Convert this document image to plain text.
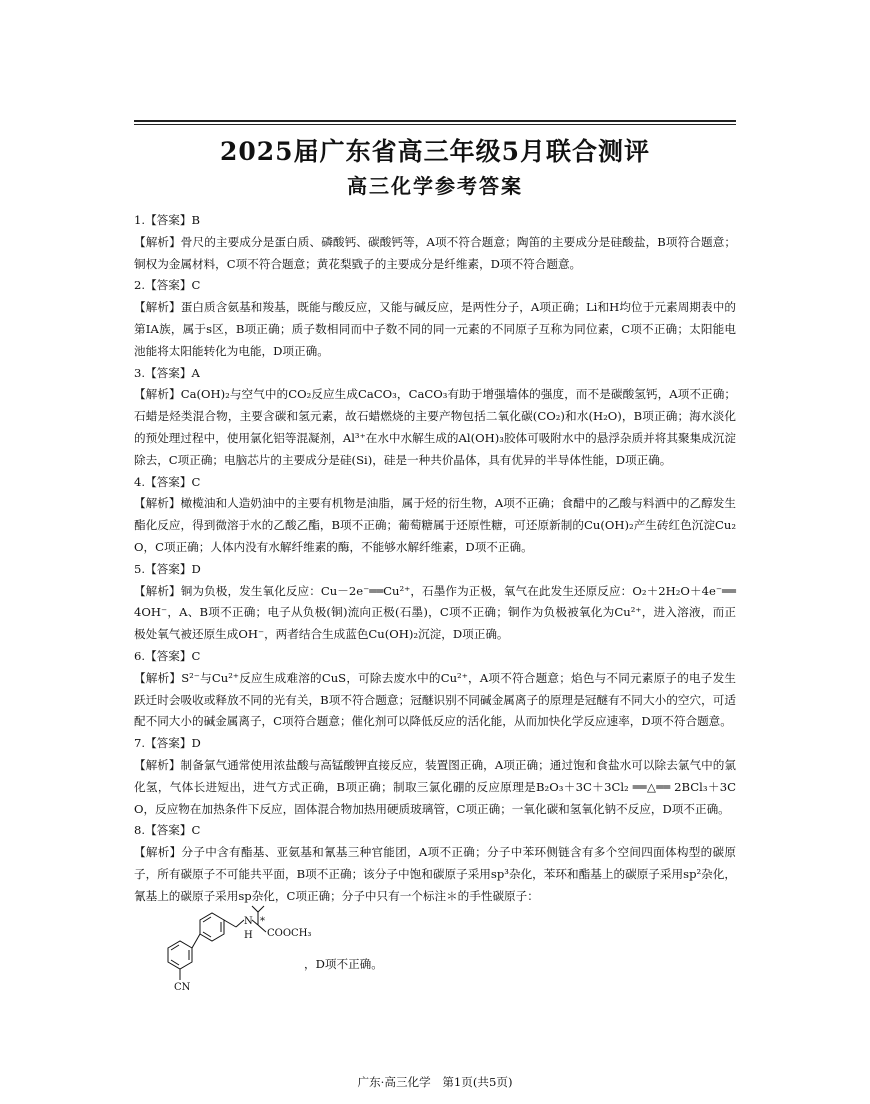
2025届广东省高三年级5月联合测评
高三化学参考答案

1.【答案】B

【解析】骨尺的主要成分是蛋白质、磷酸钙、碳酸钙等，A项不符合题意；陶笛的主要成分是硅酸盐，B项符合题意；铜权为金属材料，C项不符合题意；黄花梨戥子的主要成分是纤维素，D项不符合题意。

2.【答案】C

【解析】蛋白质含氨基和羧基，既能与酸反应，又能与碱反应，是两性分子，A项正确；Li和H均位于元素周期表中的第ⅠA族，属于s区，B项正确；质子数相同而中子数不同的同一元素的不同原子互称为同位素，C项不正确；太阳能电池能将太阳能转化为电能，D项正确。

3.【答案】A

【解析】Ca(OH)₂与空气中的CO₂反应生成CaCO₃，CaCO₃有助于增强墙体的强度，而不是碳酸氢钙，A项不正确；石蜡是烃类混合物，主要含碳和氢元素，故石蜡燃烧的主要产物包括二氧化碳(CO₂)和水(H₂O)，B项正确；海水淡化的预处理过程中，使用氯化铝等混凝剂，Al³⁺在水中水解生成的Al(OH)₃胶体可吸附水中的悬浮杂质并将其聚集成沉淀除去，C项正确；电脑芯片的主要成分是硅(Si)，硅是一种共价晶体，具有优异的半导体性能，D项正确。

4.【答案】C

【解析】橄榄油和人造奶油中的主要有机物是油脂，属于烃的衍生物，A项不正确；食醋中的乙酸与料酒中的乙醇发生酯化反应，得到微溶于水的乙酸乙酯，B项不正确；葡萄糖属于还原性糖，可还原新制的Cu(OH)₂产生砖红色沉淀Cu₂O，C项正确；人体内没有水解纤维素的酶，不能够水解纤维素，D项不正确。

5.【答案】D

【解析】铜为负极，发生氧化反应：Cu－2e⁻══Cu²⁺，石墨作为正极，氧气在此发生还原反应：O₂＋2H₂O＋4e⁻══4OH⁻，A、B项不正确；电子从负极(铜)流向正极(石墨)，C项不正确；铜作为负极被氧化为Cu²⁺，进入溶液，而正极处氧气被还原生成OH⁻，两者结合生成蓝色Cu(OH)₂沉淀，D项正确。

6.【答案】C

【解析】S²⁻与Cu²⁺反应生成难溶的CuS，可除去废水中的Cu²⁺，A项不符合题意；焰色与不同元素原子的电子发生跃迁时会吸收或释放不同的光有关，B项不符合题意；冠醚识别不同碱金属离子的原理是冠醚有不同大小的空穴，可适配不同大小的碱金属离子，C项符合题意；催化剂可以降低反应的活化能，从而加快化学反应速率，D项不符合题意。

7.【答案】D

【解析】制备氯气通常使用浓盐酸与高锰酸钾直接反应，装置图正确，A项正确；通过饱和食盐水可以除去氯气中的氯化氢，气体长进短出，进气方式正确，B项正确；制取三氯化硼的反应原理是B₂O₃＋3C＋3Cl₂ ══△══ 2BCl₃＋3CO，反应物在加热条件下反应，固体混合物加热用硬质玻璃管，C项正确；一氧化碳和氢氧化钠不反应，D项不正确。

8.【答案】C

【解析】分子中含有酯基、亚氨基和氰基三种官能团，A项不正确；分子中苯环侧链含有多个空间四面体构型的碳原子，所有碳原子不可能共平面，B项不正确；该分子中饱和碳原子采用sp³杂化，苯环和酯基上的碳原子采用sp²杂化，氰基上的碳原子采用sp杂化，C项正确；分子中只有一个标注＊的手性碳原子：

N
H
*
COOCH₃
CN
，D项不正确。
广东·高三化学　第1页(共5页)
